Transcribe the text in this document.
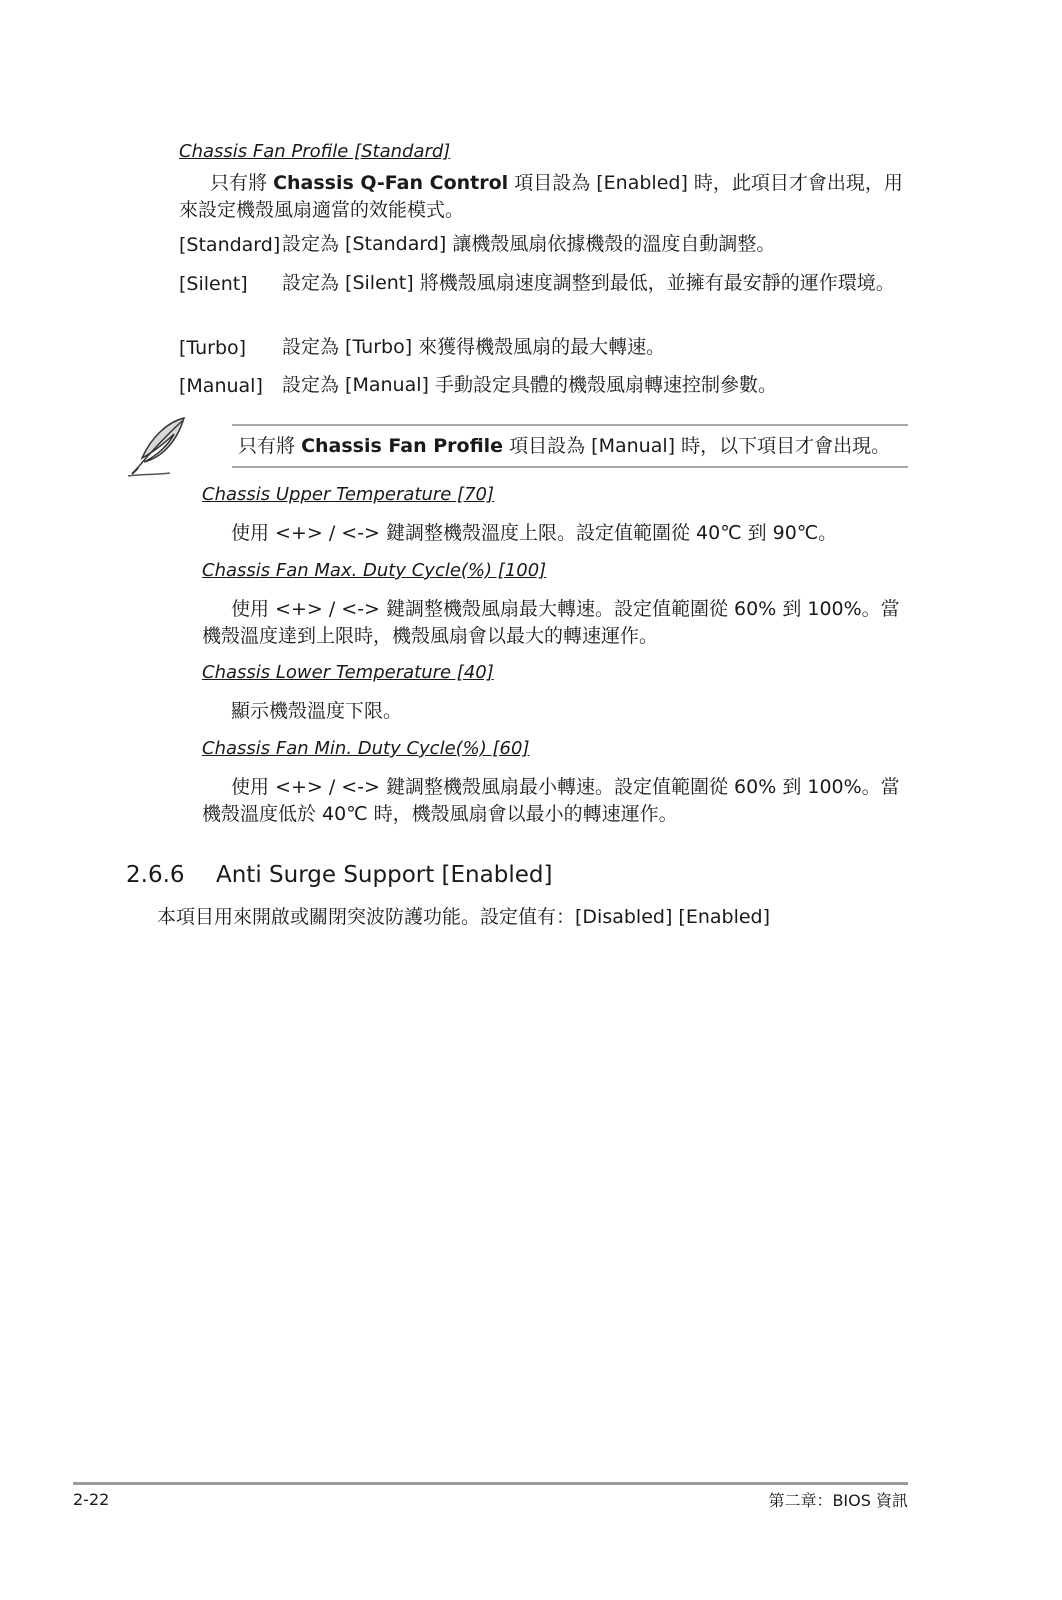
Chassis Fan Profile [Standard]
只有將 Chassis Q-Fan Control 項目設為 [Enabled] 時，此項目才會出現，用來設定機殼風扇適當的效能模式。
[Standard] 設定為 [Standard] 讓機殼風扇依據機殼的溫度自動調整。
[Silent] 設定為 [Silent] 將機殼風扇速度調整到最低，並擁有最安靜的運作環境。
[Turbo] 設定為 [Turbo] 來獲得機殼風扇的最大轉速。
[Manual] 設定為 [Manual] 手動設定具體的機殼風扇轉速控制參數。
只有將 Chassis Fan Profile 項目設為 [Manual] 時，以下項目才會出現。
Chassis Upper Temperature [70]
使用 <+> / <-> 鍵調整機殼溫度上限。設定值範圍從 40℃ 到 90℃。
Chassis Fan Max. Duty Cycle(%) [100]
使用 <+> / <-> 鍵調整機殼風扇最大轉速。設定值範圍從 60% 到 100%。當機殼溫度達到上限時，機殼風扇會以最大的轉速運作。
Chassis Lower Temperature [40]
顯示機殼溫度下限。
Chassis Fan Min. Duty Cycle(%) [60]
使用 <+> / <-> 鍵調整機殼風扇最小轉速。設定值範圍從 60% 到 100%。當機殼溫度低於 40℃ 時，機殼風扇會以最小的轉速運作。
2.6.6 Anti Surge Support [Enabled]
本項目用來開啟或關閉突波防護功能。設定值有：[Disabled] [Enabled]
2-22	第二章：BIOS 資訊
